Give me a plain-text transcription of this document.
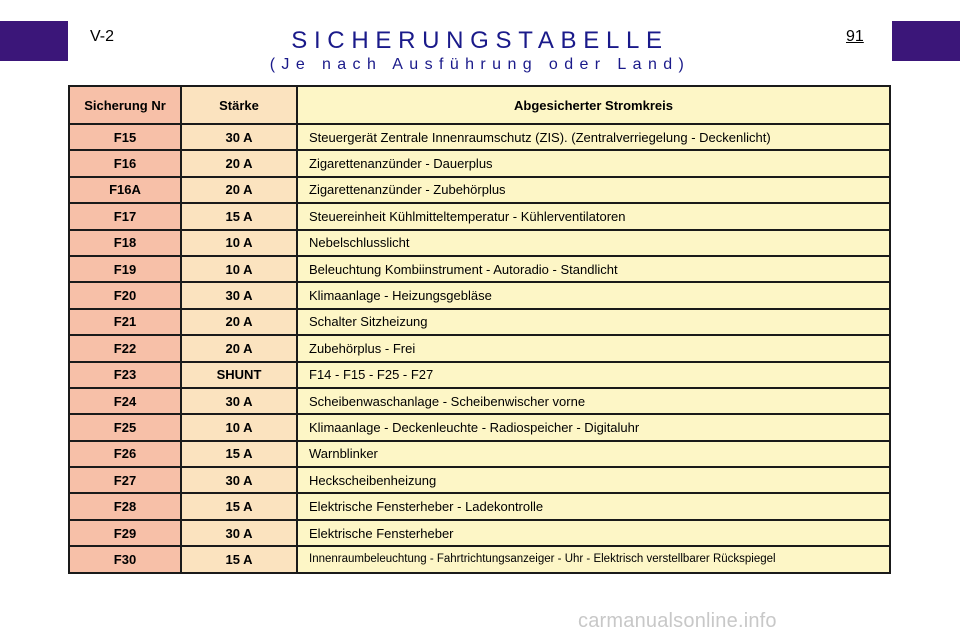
V-2	SICHERUNGSTABELLE
(Je nach Ausführung oder Land)
91
Sicherung Nr	Stärke	Abgesicherter Stromkreis
F15	30 A	Steuergerät Zentrale Innenraumschutz (ZIS). (Zentralverriegelung - Deckenlicht)
F16	20 A	Zigarettenanzünder - Dauerplus
F16A	20 A	Zigarettenanzünder - Zubehörplus
F17	15 A	Steuereinheit Kühlmitteltemperatur - Kühlerventilatoren
F18	10 A	Nebelschlusslicht
F19	10 A	Beleuchtung Kombiinstrument - Autoradio - Standlicht
F20	30 A	Klimaanlage - Heizungsgebläse
F21	20 A	Schalter Sitzheizung
F22	20 A	Zubehörplus - Frei
F23	SHUNT	F14 - F15 - F25 - F27
F24	30 A	Scheibenwaschanlage - Scheibenwischer vorne
F25	10 A	Klimaanlage - Deckenleuchte - Radiospeicher - Digitaluhr
F26	15 A	Warnblinker
F27	30 A	Heckscheibenheizung
F28	15 A	Elektrische Fensterheber - Ladekontrolle
F29	30 A	Elektrische Fensterheber
F30	15 A	Innenraumbeleuchtung - Fahrtrichtungsanzeiger - Uhr - Elektrisch verstellbarer Rückspiegel
carmanualsonline.info
